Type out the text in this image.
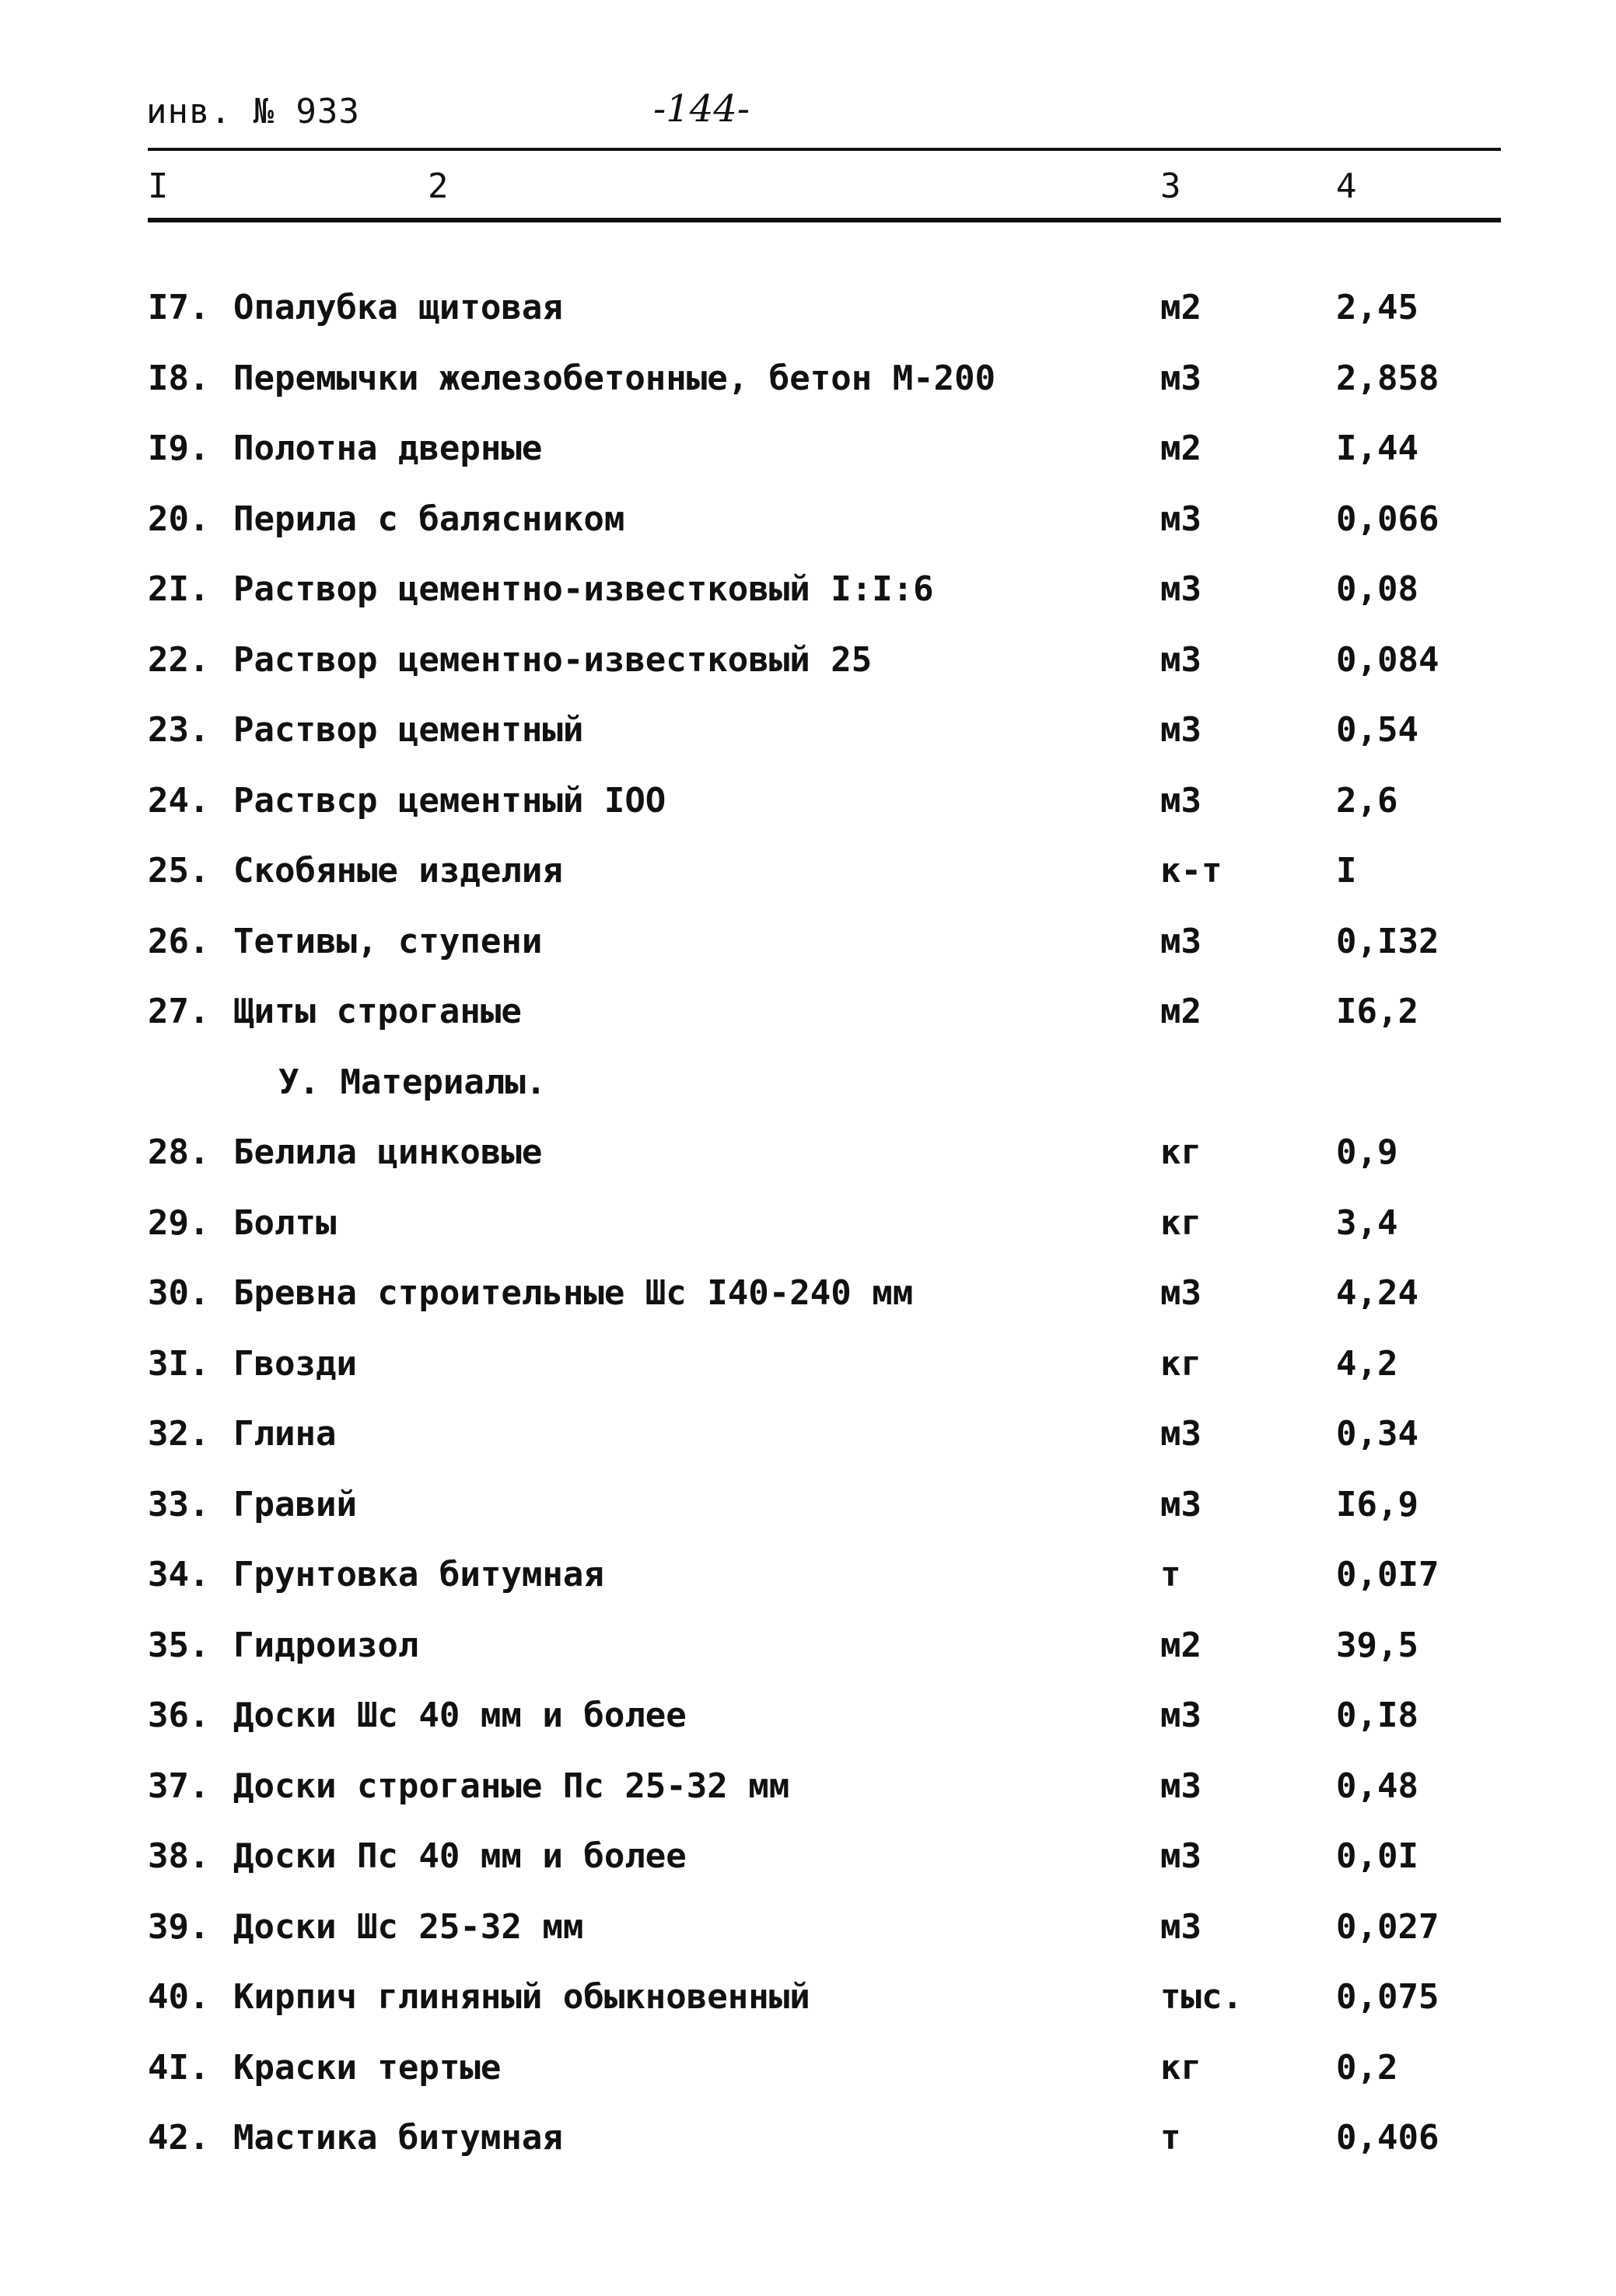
инв. № 933	-144-
I	2	3	4
I7. Опалубка щитовая	м2	2,45
I8. Перемычки железобетонные, бетон М-200	м3	2,858
I9. Полотна дверные	м2	I,44
20. Перила с балясником	м3	0,066
2I. Раствор цементно-известковый I:I:6	м3	0,08
22. Раствор цементно-известковый 25	м3	0,084
23. Раствор цементный	м3	0,54
24. Раствср цементный IOO	м3	2,6
25. Скобяные изделия	к-т	I
26. Тетивы, ступени	м3	0,I32
27. Щиты строганые	м2	I6,2
У. Материалы.
28. Белила цинковые	кг	0,9
29. Болты	кг	3,4
30. Бревна строительные Шс I40-240 мм	м3	4,24
3I. Гвозди	кг	4,2
32. Глина	м3	0,34
33. Гравий	м3	I6,9
34. Грунтовка битумная	т	0,0I7
35. Гидроизол	м2	39,5
36. Доски Шс 40 мм и более	м3	0,I8
37. Доски строганые Пс 25-32 мм	м3	0,48
38. Доски Пс 40 мм и более	м3	0,0I
39. Доски Шс 25-32 мм	м3	0,027
40. Кирпич глиняный обыкновенный	тыс.	0,075
4I. Краски тертые	кг	0,2
42. Мастика битумная	т	0,406
